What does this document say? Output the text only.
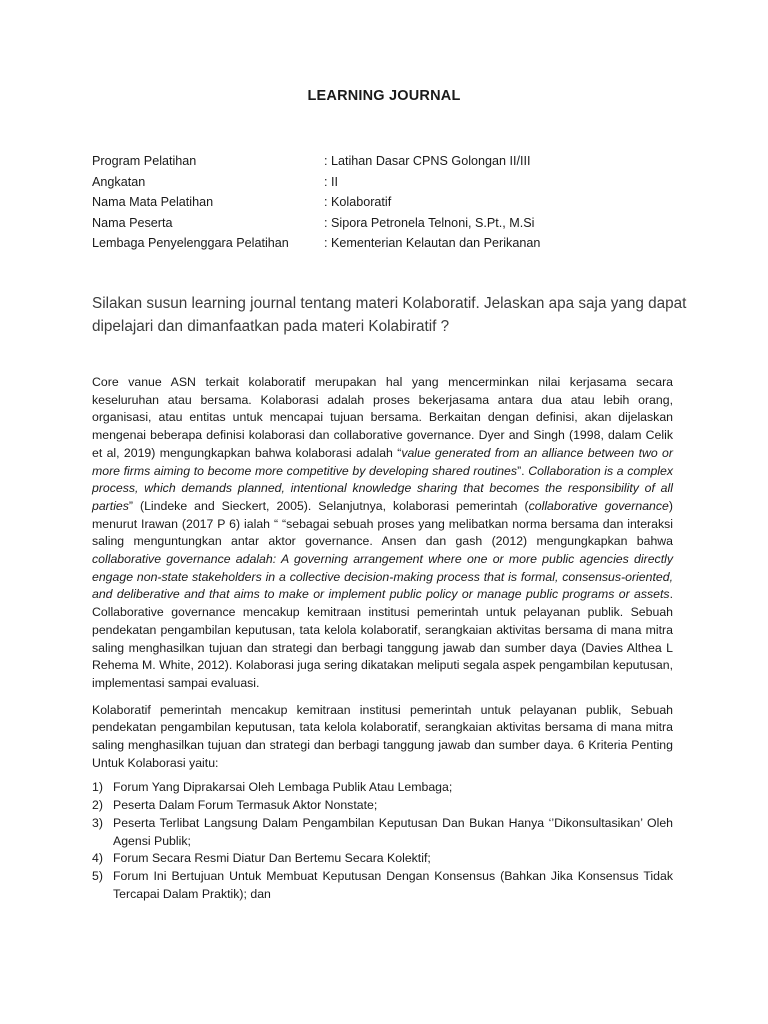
LEARNING JOURNAL
Program Pelatihan	: Latihan Dasar CPNS Golongan II/III
Angkatan	: II
Nama Mata Pelatihan	: Kolaboratif
Nama Peserta	: Sipora Petronela Telnoni, S.Pt., M.Si
Lembaga Penyelenggara Pelatihan	: Kementerian Kelautan dan Perikanan
Silakan susun learning journal tentang materi Kolaboratif. Jelaskan apa saja yang dapat dipelajari dan dimanfaatkan pada materi Kolabiratif ?

Core vanue ASN terkait kolaboratif merupakan hal yang mencerminkan nilai kerjasama secara keseluruhan atau bersama. Kolaborasi adalah proses bekerjasama antara dua atau lebih orang, organisasi, atau entitas untuk mencapai tujuan bersama. Berkaitan dengan definisi, akan dijelaskan mengenai beberapa definisi kolaborasi dan collaborative governance. Dyer and Singh (1998, dalam Celik et al, 2019) mengungkapkan bahwa kolaborasi adalah “value generated from an alliance between two or more firms aiming to become more competitive by developing shared routines”. Collaboration is a complex process, which demands planned, intentional knowledge sharing that becomes the responsibility of all parties” (Lindeke and Sieckert, 2005). Selanjutnya, kolaborasi pemerintah (collaborative governance) menurut Irawan (2017 P 6) ialah “ “sebagai sebuah proses yang melibatkan norma bersama dan interaksi saling menguntungkan antar aktor governance. Ansen dan gash (2012) mengungkapkan bahwa collaborative governance adalah: A governing arrangement where one or more public agencies directly engage non-state stakeholders in a collective decision-making process that is formal, consensus-oriented, and deliberative and that aims to make or implement public policy or manage public programs or assets. Collaborative governance mencakup kemitraan institusi pemerintah untuk pelayanan publik. Sebuah pendekatan pengambilan keputusan, tata kelola kolaboratif, serangkaian aktivitas bersama di mana mitra saling menghasilkan tujuan dan strategi dan berbagi tanggung jawab dan sumber daya (Davies Althea L Rehema M. White, 2012). Kolaborasi juga sering dikatakan meliputi segala aspek pengambilan keputusan, implementasi sampai evaluasi.

Kolaboratif pemerintah mencakup kemitraan institusi pemerintah untuk pelayanan publik, Sebuah pendekatan pengambilan keputusan, tata kelola kolaboratif, serangkaian aktivitas bersama di mana mitra saling menghasilkan tujuan dan strategi dan berbagi tanggung jawab dan sumber daya. 6 Kriteria Penting Untuk Kolaborasi yaitu:

1) Forum Yang Diprakarsai Oleh Lembaga Publik Atau Lembaga;
2) Peserta Dalam Forum Termasuk Aktor Nonstate;
3) Peserta Terlibat Langsung Dalam Pengambilan Keputusan Dan Bukan Hanya ‘’Dikonsultasikan’ Oleh Agensi Publik;
4) Forum Secara Resmi Diatur Dan Bertemu Secara Kolektif;
5) Forum Ini Bertujuan Untuk Membuat Keputusan Dengan Konsensus (Bahkan Jika Konsensus Tidak Tercapai Dalam Praktik); dan
